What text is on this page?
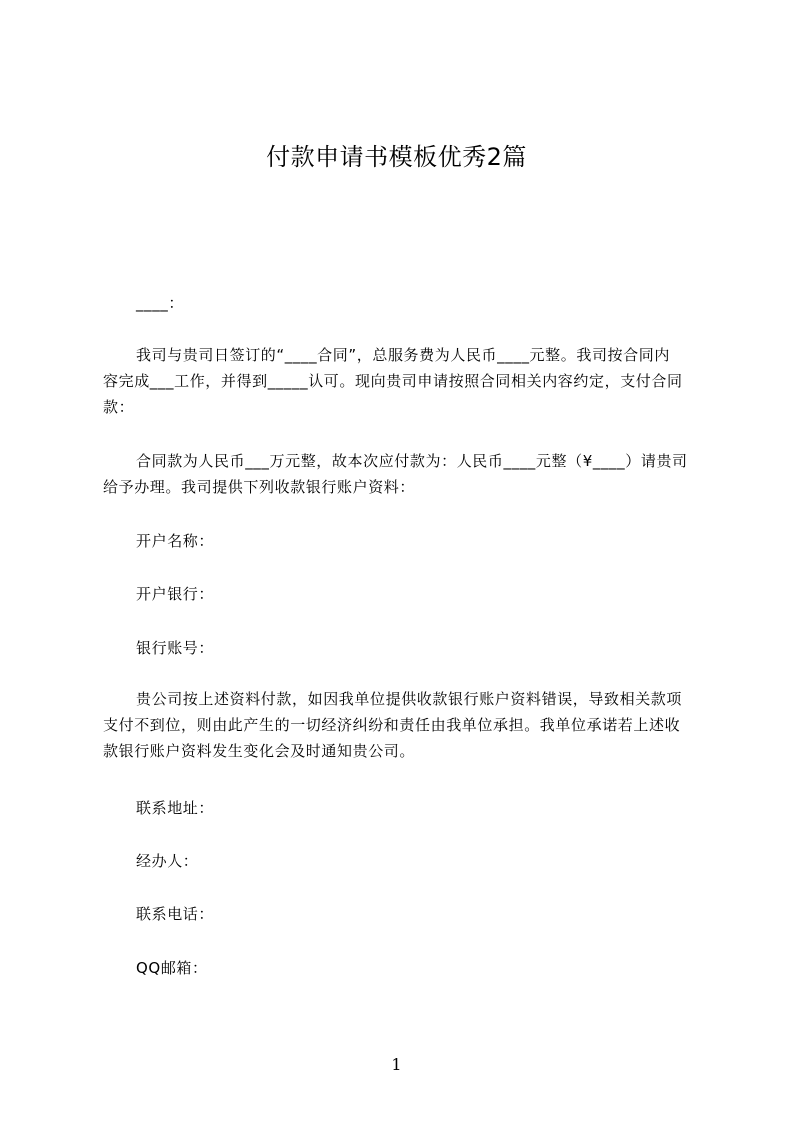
付款申请书模板优秀2篇
____：
我司与贵司日签订的“____合同”，总服务费为人民币____元整。我司按合同内
容完成___工作，并得到_____认可。现向贵司申请按照合同相关内容约定，支付合同
款：
合同款为人民币___万元整，故本次应付款为：人民币____元整（¥____）请贵司
给予办理。我司提供下列收款银行账户资料：
开户名称：
开户银行：
银行账号：
贵公司按上述资料付款，如因我单位提供收款银行账户资料错误，导致相关款项
支付不到位，则由此产生的一切经济纠纷和责任由我单位承担。我单位承诺若上述收
款银行账户资料发生变化会及时通知贵公司。
联系地址：
经办人：
联系电话：
QQ邮箱：
1
